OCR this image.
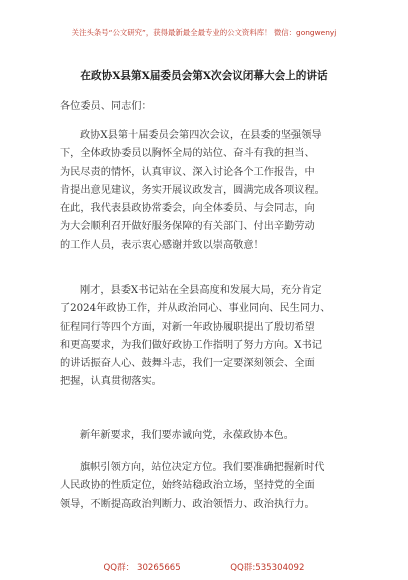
关注头条号“公文研究”，获得最新最全最专业的公文资料库！ 微信：gongwenyj
在政协X县第X届委员会第X次会议闭幕大会上的讲话
各位委员、同志们：
政协X县第十届委员会第四次会议，在县委的坚强领导
下，全体政协委员以胸怀全局的站位、奋斗有我的担当、
为民尽责的情怀，认真审议、深入讨论各个工作报告，中
肯提出意见建议，务实开展议政发言，圆满完成各项议程。
在此，我代表县政协常委会，向全体委员、与会同志，向
为大会顺利召开做好服务保障的有关部门、付出辛勤劳动
的工作人员，表示衷心感谢并致以崇高敬意！
刚才，县委X书记站在全县高度和发展大局，充分肯定
了2024年政协工作，并从政治同心、事业同向、民生同力、
征程同行等四个方面，对新一年政协履职提出了殷切希望
和更高要求，为我们做好政协工作指明了努力方向。X书记
的讲话振奋人心、鼓舞斗志，我们一定要深刻领会、全面
把握，认真贯彻落实。
新年新要求，我们要赤诚向党，永葆政协本色。
旗帜引领方向，站位决定方位。我们要准确把握新时代
人民政协的性质定位，始终站稳政治立场，坚持党的全面
领导，不断提高政治判断力、政治领悟力、政治执行力。
QQ群： 30265665	QQ群:535304092
